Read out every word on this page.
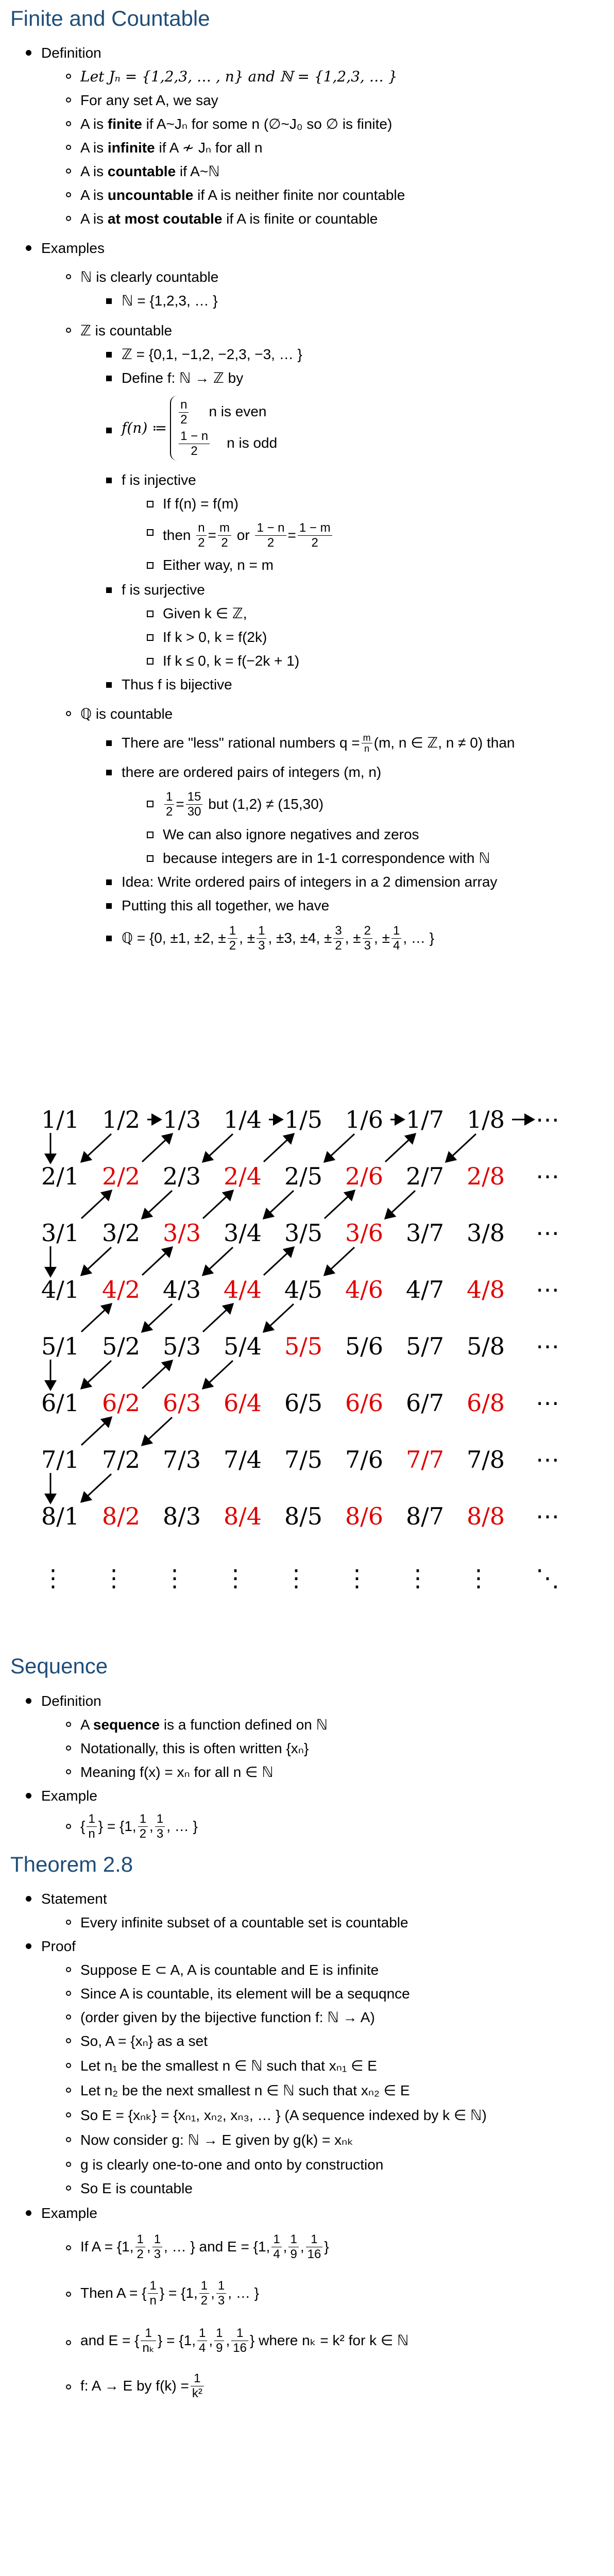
Finite and Countable
Definition
Let Jₙ = {1,2,3, … , n} and ℕ = {1,2,3, … }
For any set A, we say
A is finite if A~Jₙ for some n (∅~J₀ so ∅ is finite)
A is infinite if A ≁ Jₙ for all n
A is countable if A~ℕ
A is uncountable if A is neither finite nor countable
A is at most coutable if A is finite or countable
Examples
ℕ is clearly countable
ℕ = {1,2,3, … }
ℤ is countable
ℤ = {0,1, −1,2, −2,3, −3, … }
Define f: ℕ → ℤ by
f(n) ≔
$\frac{n}{2}$ n is even
$\frac{1 - n}{2}$ n is odd
f is injective
If f(n) = f(m)
then
$\frac{n}{2} = \frac{m}{2}$
or
$\frac{1 - n}{2} = \frac{1 - m}{2}$
Either way, n = m
f is surjective
Given k ∈ ℤ,
If k > 0, k = f(2k)
If k ≤ 0, k = f(−2k + 1)
Thus f is bijective
ℚ is countable
There are "less" rational numbers $q = \frac{m}{n} (m$, n ∈ ℤ, n ≠ 0) than
there are ordered pairs of integers (m, n)
$\frac{1}{2} = \frac{15}{30}$
but (1,2) ≠ (15,30)
We can also ignore negatives and zeros
because integers are in 1-1 correspondence with ℕ
Idea: Write ordered pairs of integers in a 2 dimension array
Putting this all together, we have
ℚ = {0, ±1, ±2, ± $\frac{1}{2}$ , ± $\frac{1}{3}$ , ±3, ±4, ± $\frac{3}{2}$ , ± $\frac{2}{3}$ , ± $\frac{1}{4}$ , … }
1/1 1/2 1/3 1/4 1/5 1/6 1/7 1/8 ⋯
2/1 2/2 2/3 2/4 2/5 2/6 2/7 2/8 ⋯
3/1 3/2 3/3 3/4 3/5 3/6 3/7 3/8 ⋯
4/1 4/2 4/3 4/4 4/5 4/6 4/7 4/8 ⋯
5/1 5/2 5/3 5/4 5/5 5/6 5/7 5/8 ⋯
6/1 6/2 6/3 6/4 6/5 6/6 6/7 6/8 ⋯
7/1 7/2 7/3 7/4 7/5 7/6 7/7 7/8 ⋯
8/1 8/2 8/3 8/4 8/5 8/6 8/7 8/8 ⋯
⋮ ⋮ ⋮ ⋮ ⋮ ⋮ ⋮ ⋮ ⋱
Sequence
Definition
A sequence is a function defined on ℕ
Notationally, this is often written {xₙ}
Meaning f(x) = xₙ for all n ∈ ℕ
Example
{ 1
n } = {1, 1
2 , 1
3 , … }
Theorem 2.8
Statement
Every infinite subset of a countable set is countable
Proof
Suppose E ⊂ A, A is countable and E is infinite
Since A is countable, its element will be a sequqnce
(order given by the bijective function f: ℕ → A)
So, A = {xₙ} as a set
Let n₁ be the smallest n ∈ ℕ such that xₙ₁ ∈ E
Let n₂ be the next smallest n ∈ ℕ such that xₙ₂ ∈ E
So E = {xₙₖ} = {xₙ₁, xₙ₂, xₙ₃, … } (A sequence indexed by k ∈ ℕ)
Now consider g: ℕ → E given by g(k) = xₙₖ
g is clearly one-to-one and onto by construction
So E is countable
Example
If A = {1, 1
2 , 1
3 , … } and E = {1, 1
4 , 1
9 , 1
16 }
Then A = { 1
n } = {1, 1
2 , 1
3 , … }
and E = { 1
nₖ } = {1, 1
4 , 1
9 , 1
16 } where nₖ = k² for k ∈ ℕ
f: A → E by $f(k) = \frac{1}{\text{k²}}$
